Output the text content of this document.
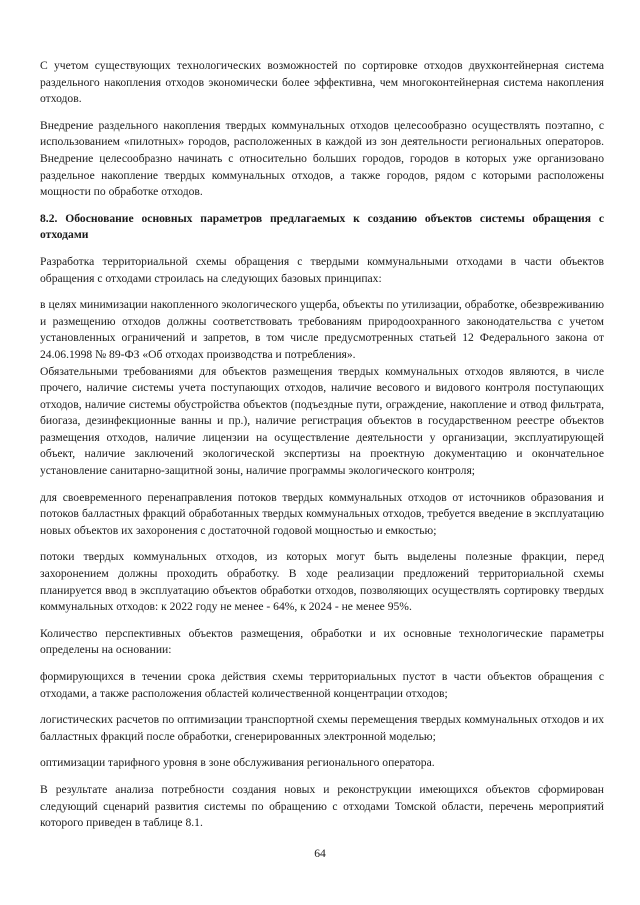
С учетом существующих технологических возможностей по сортировке отходов двухконтейнерная система раздельного накопления отходов экономически более эффективна, чем многоконтейнерная система накопления отходов.

Внедрение раздельного накопления твердых коммунальных отходов целесообразно осуществлять поэтапно, с использованием «пилотных» городов, расположенных в каждой из зон деятельности региональных операторов. Внедрение целесообразно начинать с относительно больших городов, городов в которых уже организовано раздельное накопление твердых коммунальных отходов, а также городов, рядом с которыми расположены мощности по обработке отходов.

8.2. Обоснование основных параметров предлагаемых к созданию объектов системы обращения с отходами

Разработка территориальной схемы обращения с твердыми коммунальными отходами в части объектов обращения с отходами строилась на следующих базовых принципах:

в целях минимизации накопленного экологического ущерба, объекты по утилизации, обработке, обезвреживанию и размещению отходов должны соответствовать требованиям природоохранного законодательства с учетом установленных ограничений и запретов, в том числе предусмотренных статьей 12 Федерального закона от 24.06.1998 № 89-ФЗ «Об отходах производства и потребления».

Обязательными требованиями для объектов размещения твердых коммунальных отходов являются, в числе прочего, наличие системы учета поступающих отходов, наличие весового и видового контроля поступающих отходов, наличие системы обустройства объектов (подъездные пути, ограждение, накопление и отвод фильтрата, биогаза, дезинфекционные ванны и пр.), наличие регистрация объектов в государственном реестре объектов размещения отходов, наличие лицензии на осуществление деятельности у организации, эксплуатирующей объект, наличие заключений экологической экспертизы на проектную документацию и окончательное установление санитарно-защитной зоны, наличие программы экологического контроля;

для своевременного перенаправления потоков твердых коммунальных отходов от источников образования и потоков балластных фракций обработанных твердых коммунальных отходов, требуется введение в эксплуатацию новых объектов их захоронения с достаточной годовой мощностью и емкостью;

потоки твердых коммунальных отходов, из которых могут быть выделены полезные фракции, перед захоронением должны проходить обработку. В ходе реализации предложений территориальной схемы планируется ввод в эксплуатацию объектов обработки отходов, позволяющих осуществлять сортировку твердых коммунальных отходов: к 2022 году не менее - 64%, к 2024 - не менее 95%.

Количество перспективных объектов размещения, обработки и их основные технологические параметры определены на основании:

формирующихся в течении срока действия схемы территориальных пустот в части объектов обращения с отходами, а также расположения областей количественной концентрации отходов;

логистических расчетов по оптимизации транспортной схемы перемещения твердых коммунальных отходов и их балластных фракций после обработки, сгенерированных электронной моделью;

оптимизации тарифного уровня в зоне обслуживания регионального оператора.

В результате анализа потребности создания новых и реконструкции имеющихся объектов сформирован следующий сценарий развития системы по обращению с отходами Томской области, перечень мероприятий которого приведен в таблице 8.1.

64
